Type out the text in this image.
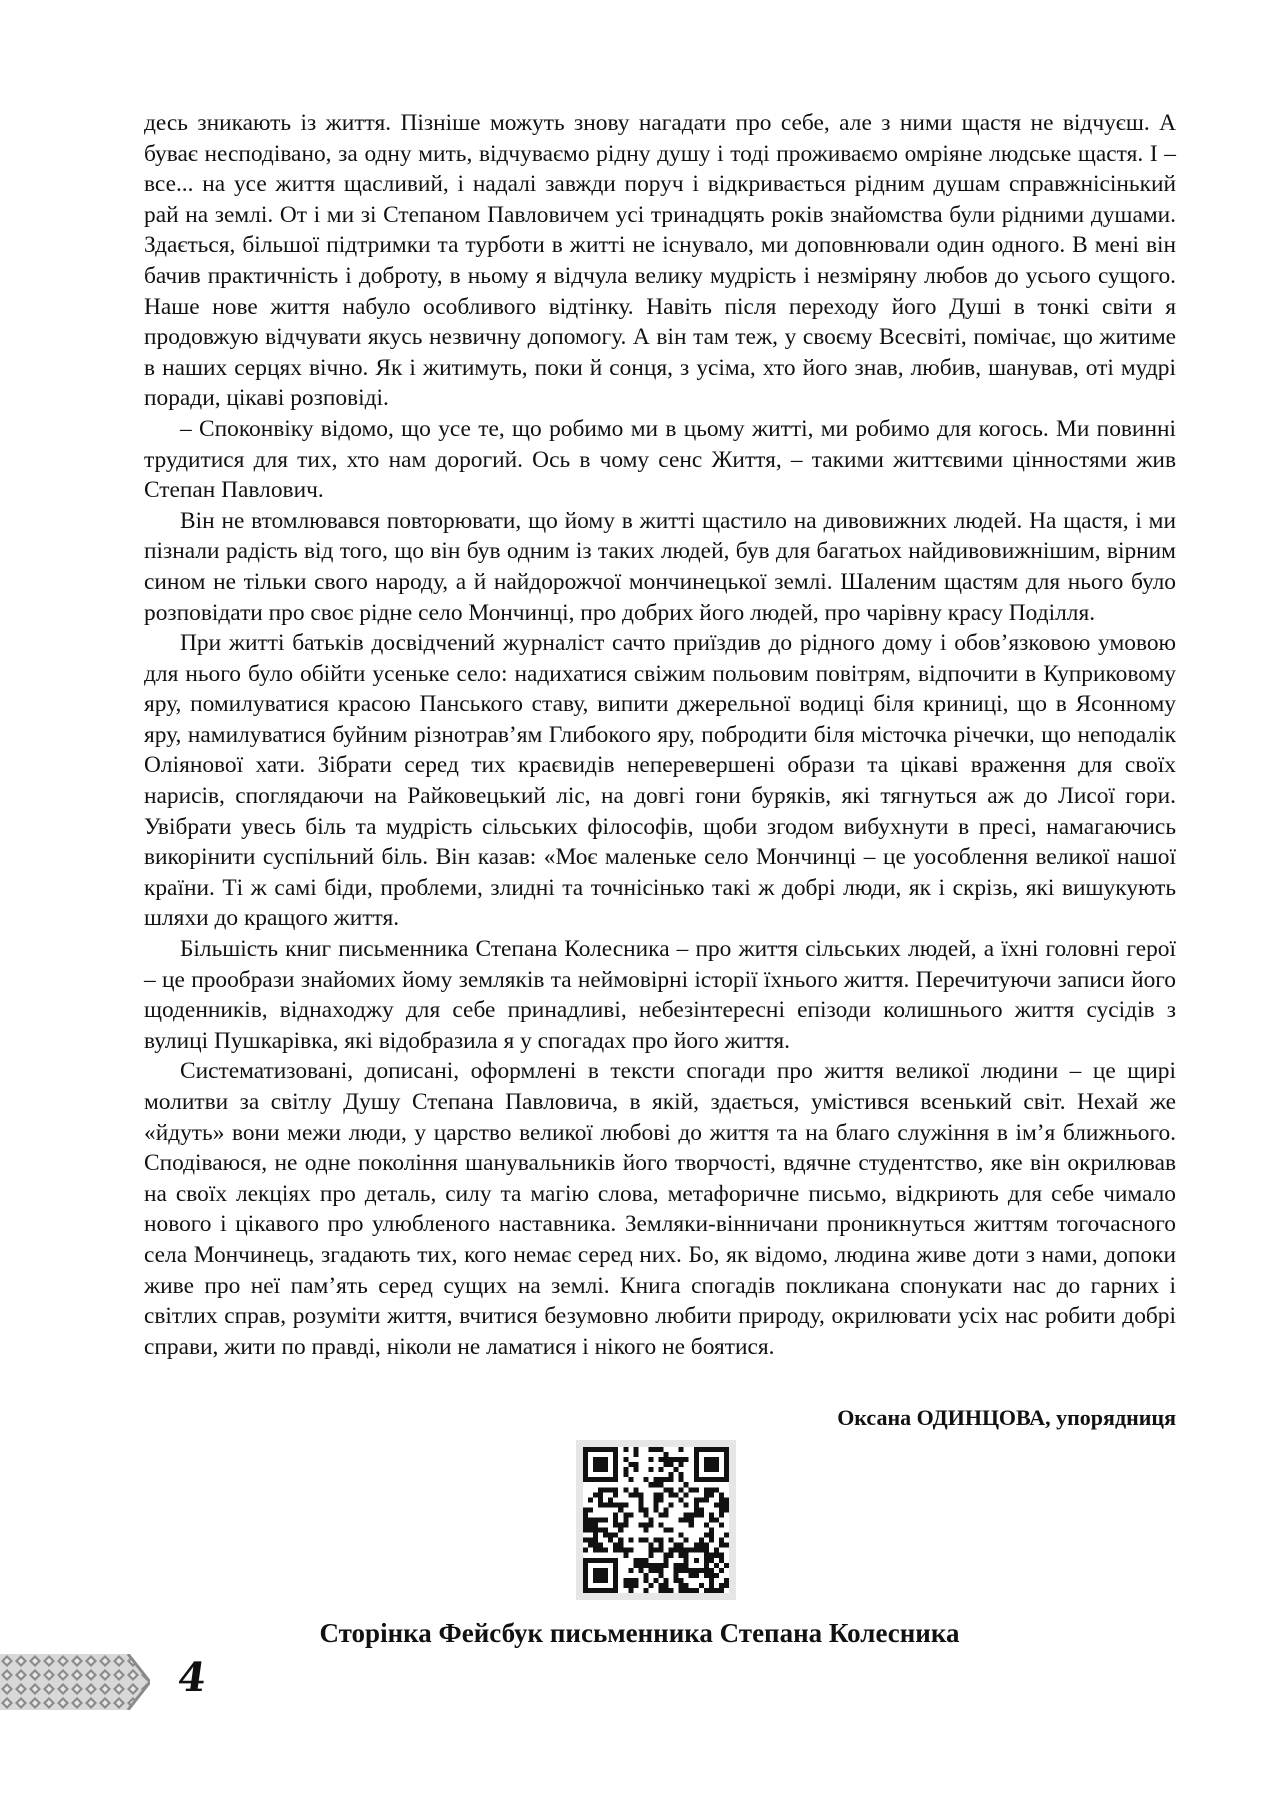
десь зникають із життя. Пізніше можуть знову нагадати про себе, але з ними щастя не відчуєш. А буває несподівано, за одну мить, відчуваємо рідну душу і тоді проживаємо омріяне людське щастя. І – все... на усе життя щасливий, і надалі завжди поруч і відкривається рідним душам справжнісінький рай на землі. От і ми зі Степаном Павловичем усі тринадцять років знайомства були рідними душами. Здається, більшої підтримки та турботи в житті не існувало, ми доповнювали один одного. В мені він бачив практичність і доброту, в ньому я відчула велику мудрість і незміряну любов до усього сущого. Наше нове життя набуло особливого відтінку. Навіть після переходу його Душі в тонкі світи я продовжую відчувати якусь незвичну допомогу. А він там теж, у своєму Всесвіті, помічає, що житиме в наших серцях вічно. Як і житимуть, поки й сонця, з усіма, хто його знав, любив, шанував, оті мудрі поради, цікаві розповіді.

– Споконвіку відомо, що усе те, що робимо ми в цьому житті, ми робимо для когось. Ми повинні трудитися для тих, хто нам дорогий. Ось в чому сенс Життя, – такими життєвими цінностями жив Степан Павлович.

Він не втомлювався повторювати, що йому в житті щастило на дивовижних людей. На щастя, і ми пізнали радість від того, що він був одним із таких людей, був для багатьох найдивовижнішим, вірним сином не тільки свого народу, а й найдорожчої мончинецької землі. Шаленим щастям для нього було розповідати про своє рідне село Мончинці, про добрих його людей, про чарівну красу Поділля.

При житті батьків досвідчений журналіст сачто приїздив до рідного дому і обов’язковою умовою для нього було обійти усеньке село: надихатися свіжим польовим повітрям, відпочити в Куприковому яру, помилуватися красою Панського ставу, випити джерельної водиці біля криниці, що в Ясонному яру, намилуватися буйним різнотрав’ям Глибокого яру, побродити біля місточка річечки, що неподалік Оліянової хати. Зібрати серед тих краєвидів неперевершені образи та цікаві враження для своїх нарисів, споглядаючи на Райковецький ліс, на довгі гони буряків, які тягнуться аж до Лисої гори. Увібрати увесь біль та мудрість сільських філософів, щоби згодом вибухнути в пресі, намагаючись викорінити суспільний біль. Він казав: «Моє маленьке село Мончинці – це уособлення великої нашої країни. Ті ж самі біди, проблеми, злидні та точнісінько такі ж добрі люди, як і скрізь, які вишукують шляхи до кращого життя.

Більшість книг письменника Степана Колесника – про життя сільських людей, а їхні головні герої – це прообрази знайомих йому земляків та неймовірні історії їхнього життя. Перечитуючи записи його щоденників, віднаходжу для себе принадливі, небезінтересні епізоди колишнього життя сусідів з вулиці Пушкарівка, які відобразила я у спогадах про його життя.

Систематизовані, дописані, оформлені в тексти спогади про життя великої людини – це щирі молитви за світлу Душу Степана Павловича, в якій, здається, умістився всенький світ. Нехай же «йдуть» вони межи люди, у царство великої любові до життя та на благо служіння в ім’я ближнього. Сподіваюся, не одне покоління шанувальників його творчості, вдячне студентство, яке він окрилював на своїх лекціях про деталь, силу та магію слова, метафоричне письмо, відкриють для себе чимало нового і цікавого про улюбленого наставника. Земляки-вінничани проникнуться життям тогочасного села Мончинець, згадають тих, кого немає серед них. Бо, як відомо, людина живе доти з нами, допоки живе про неї пам’ять серед сущих на землі. Книга спогадів покликана спонукати нас до гарних і світлих справ, розуміти життя, вчитися безумовно любити природу, окрилювати усіх нас робити добрі справи, жити по правді, ніколи не ламатися і нікого не боятися.

Оксана ОДИНЦОВА, упорядниця
Сторінка Фейсбук письменника Степана Колесника
4
